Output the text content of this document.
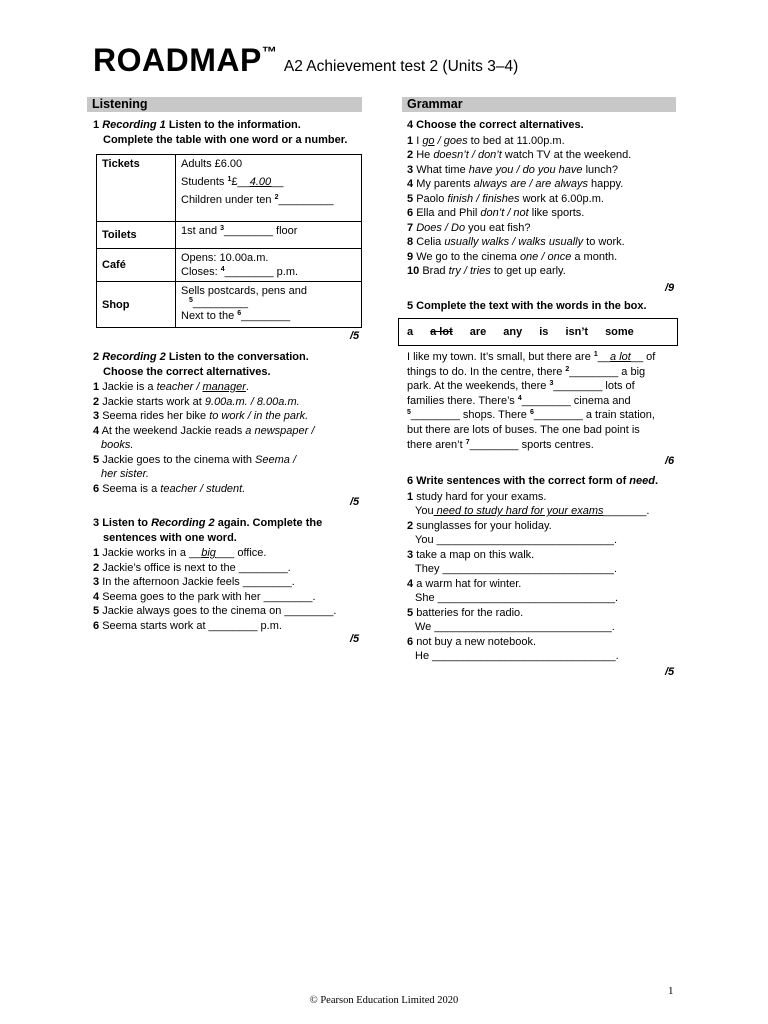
ROADMAP™ A2 Achievement test 2 (Units 3–4)
Listening
1 Recording 1 Listen to the information.
Complete the table with one word or a number.
Tickets	Adults £6.00
Students $^1$£__4.00__
Children under ten $^2$_________

Toilets	1st and $^3$________ floor
Café	Opens: 10.00a.m.
Closes: $^4$________ p.m.

Shop	Sells postcards, pens and
$^5$_________
Next to the $^6$________
/5
2 Recording 2 Listen to the conversation.
Choose the correct alternatives.
1 Jackie is a teacher / manager.
2 Jackie starts work at 9.00a.m. / 8.00a.m.
3 Seema rides her bike to work / in the park.
4 At the weekend Jackie reads a newspaper /
books.
5 Jackie goes to the cinema with Seema /
her sister.
6 Seema is a teacher / student.
/5
3 Listen to Recording 2 again. Complete the
sentences with one word.
1 Jackie works in a __big___ office.
2 Jackie’s office is next to the ________.
3 In the afternoon Jackie feels ________.
4 Seema goes to the park with her ________.
5 Jackie always goes to the cinema on ________.
6 Seema starts work at ________ p.m.
/5
Grammar
4 Choose the correct alternatives.
1 I go / goes to bed at 11.00p.m.
2 He doesn’t / don’t watch TV at the weekend.
3 What time have you / do you have lunch?
4 My parents always are / are always happy.
5 Paolo finish / finishes work at 6.00p.m.
6 Ella and Phil don’t / not like sports.
7 Does / Do you eat fish?
8 Celia usually walks / walks usually to work.
9 We go to the cinema one / once a month.
10 Brad try / tries to get up early.
/9
5 Complete the text with the words in the box.
a a lot are any is isn’t some
I like my town. It’s small, but there are $^1$__a lot__ of
things to do. In the centre, there $^2$________ a big
park. At the weekends, there $^3$________ lots of
families there. There’s $^4$________ cinema and
$^5$________ shops. There $^6$________ a train station,
but there are lots of buses. The one bad point is
there aren’t $^7$________ sports centres.
/6
6 Write sentences with the correct form of need.
1 study hard for your exams.
You need to study hard for your exams_______.
2 sunglasses for your holiday.
You _____________________________.
3 take a map on this walk.
They ____________________________.
4 a warm hat for winter.
She _____________________________.
5 batteries for the radio.
We _____________________________.
6 not buy a new notebook.
He ______________________________.
/5
1
© Pearson Education Limited 2020
